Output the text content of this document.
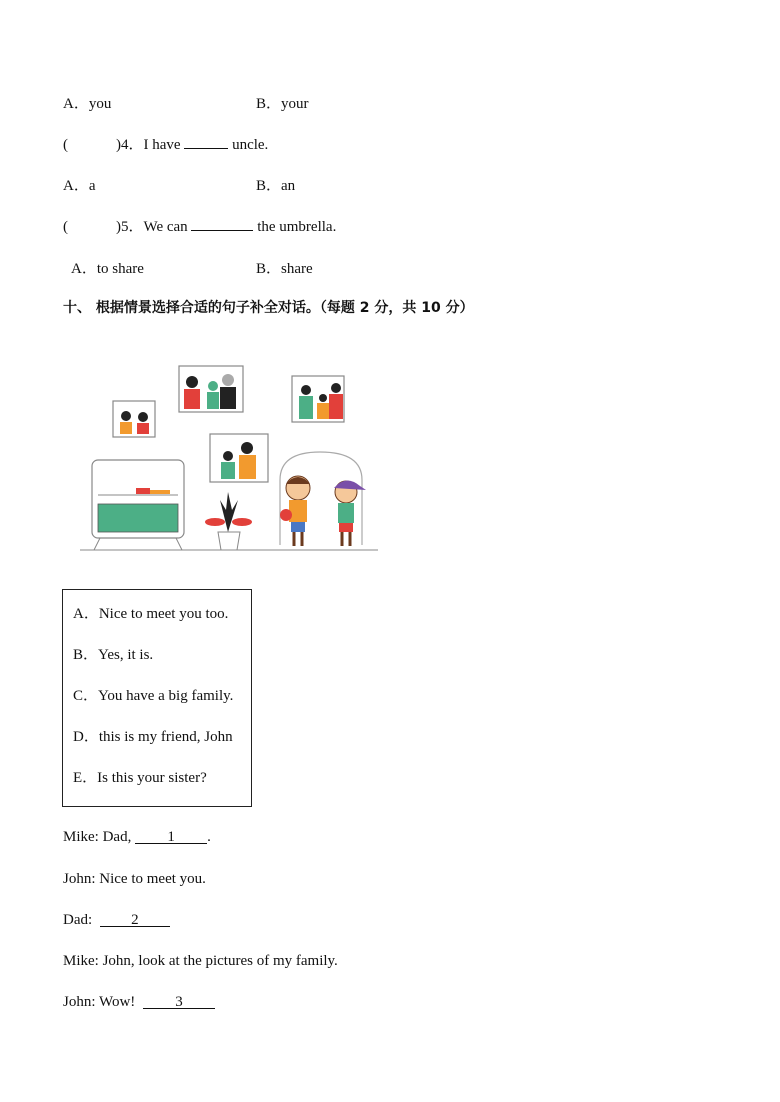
A．you	B．your
(	)4．I have	uncle.
A．a	B．an
(	)5．We can	the umbrella.
A．to share	B．share
十、 根据情景选择合适的句子补全对话。（每题 2 分，共 10 分）
A．Nice to meet you too.
B．Yes, it is.
C．You have a big family.
D．this is my friend, John
E．Is this your sister?
Mike: Dad, 1 .
John: Nice to meet you.
Dad:	2
Mike: John, look at the pictures of my family.
John: Wow!	3
